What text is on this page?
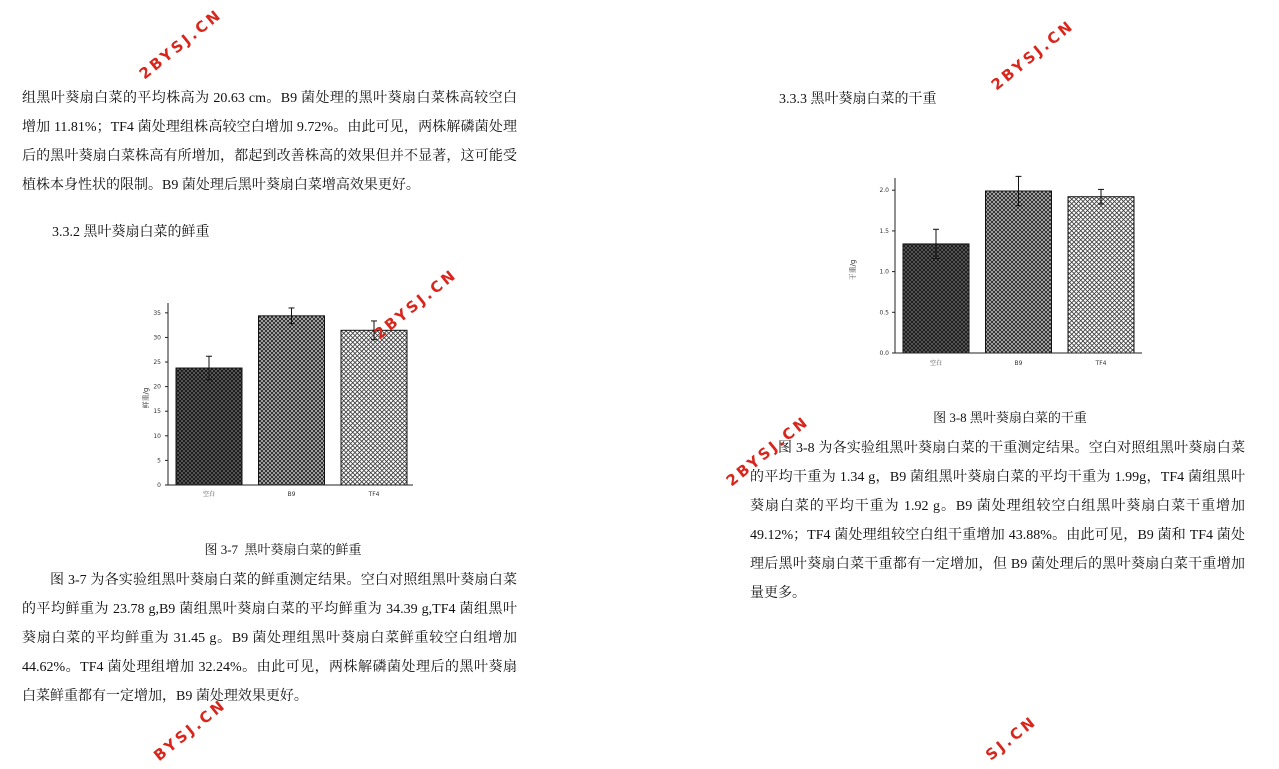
组黑叶葵扇白菜的平均株高为 20.63 cm。B9 菌处理的黑叶葵扇白菜株高较空白
增加 11.81%；TF4 菌处理组株高较空白增加 9.72%。由此可见，两株解磷菌处理
后的黑叶葵扇白菜株高有所增加，都起到改善株高的效果但并不显著，这可能受
植株本身性状的限制。B9 菌处理后黑叶葵扇白菜增高效果更好。
3.3.2 黑叶葵扇白菜的鲜重
空白	B9	TF4
0
5
10
15
20
25
30
35
鲜重/g
图 3-7  黑叶葵扇白菜的鲜重
图 3-7 为各实验组黑叶葵扇白菜的鲜重测定结果。空白对照组黑叶葵扇白菜
的平均鲜重为 23.78 g,B9 菌组黑叶葵扇白菜的平均鲜重为 34.39 g,TF4 菌组黑叶
葵扇白菜的平均鲜重为 31.45 g。B9 菌处理组黑叶葵扇白菜鲜重较空白组增加
44.62%。TF4 菌处理组增加 32.24%。由此可见，两株解磷菌处理后的黑叶葵扇
白菜鲜重都有一定增加，B9 菌处理效果更好。
3.3.3 黑叶葵扇白菜的干重
空白	B9	TF4
0.0
0.5
1.0
1.5
2.0
干重/g
图 3-8 黑叶葵扇白菜的干重
图 3-8 为各实验组黑叶葵扇白菜的干重测定结果。空白对照组黑叶葵扇白菜
的平均干重为 1.34 g，B9 菌组黑叶葵扇白菜的平均干重为 1.99g，TF4 菌组黑叶
葵扇白菜的平均干重为 1.92 g。B9 菌处理组较空白组黑叶葵扇白菜干重增加
49.12%；TF4 菌处理组较空白组干重增加 43.88%。由此可见，B9 菌和 TF4 菌处
理后黑叶葵扇白菜干重都有一定增加，但 B9 菌处理后的黑叶葵扇白菜干重增加
量更多。
2BYSJ.CN	2BYSJ.CN
2BYSJ.CN
2BYSJ.CN
BYSJ.CN	SJ.CN
